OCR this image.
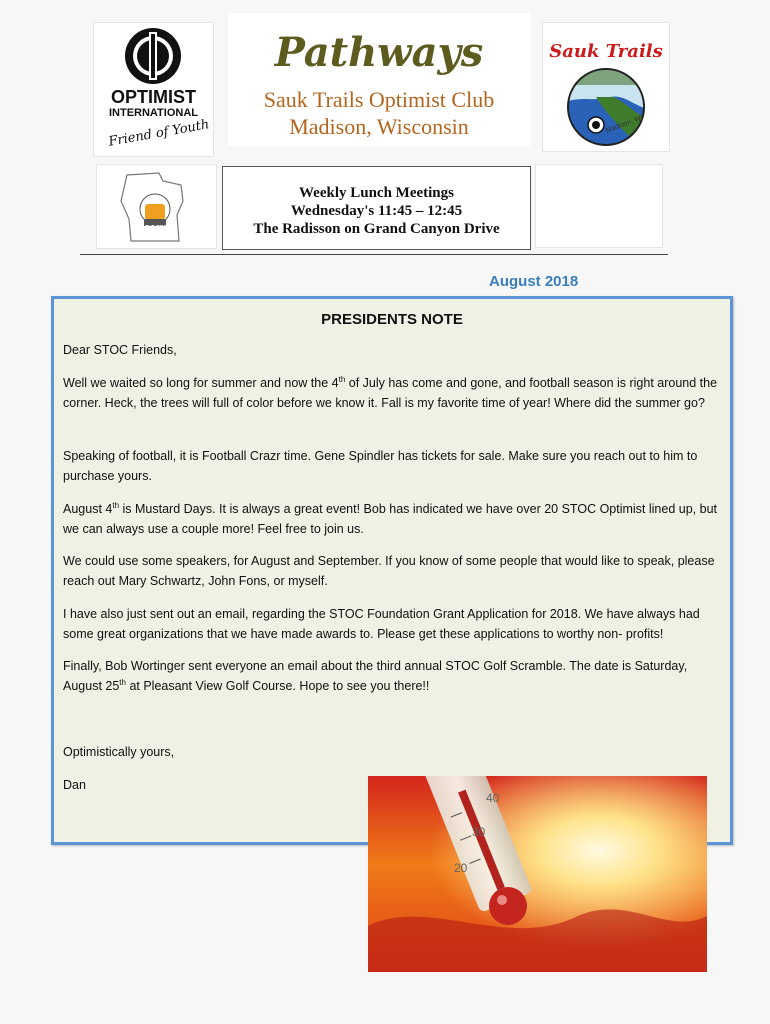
OPTIMIST
INTERNATIONAL
Friend of Youth
Pathways
Sauk Trails Optimist Club
Madison, Wisconsin
Sauk Trails
Madison, WI
THE BEST
Weekly Lunch Meetings
Wednesday's 11:45 – 12:45
The Radisson on Grand Canyon Drive
August 2018
PRESIDENTS NOTE
Dear STOC Friends,
Well we waited so long for summer and now the 4th of July has come and gone, and football season is right around the corner. Heck, the trees will full of color before we know it. Fall is my favorite time of year! Where did the summer go?
Speaking of football, it is Football Crazr time. Gene Spindler has tickets for sale. Make sure you reach out to him to purchase yours.
August 4th is Mustard Days. It is always a great event! Bob has indicated we have over 20 STOC Optimist lined up, but we can always use a couple more! Feel free to join us.
We could use some speakers, for August and September. If you know of some people that would like to speak, please reach out Mary Schwartz, John Fons, or myself.
I have also just sent out an email, regarding the STOC Foundation Grant Application for 2018. We have always had some great organizations that we have made awards to. Please get these applications to worthy non- profits!
Finally, Bob Wortinger sent everyone an email about the third annual STOC Golf Scramble. The date is Saturday, August 25th at Pleasant View Golf Course. Hope to see you there!!
Optimistically yours,
Dan
20
30
40
